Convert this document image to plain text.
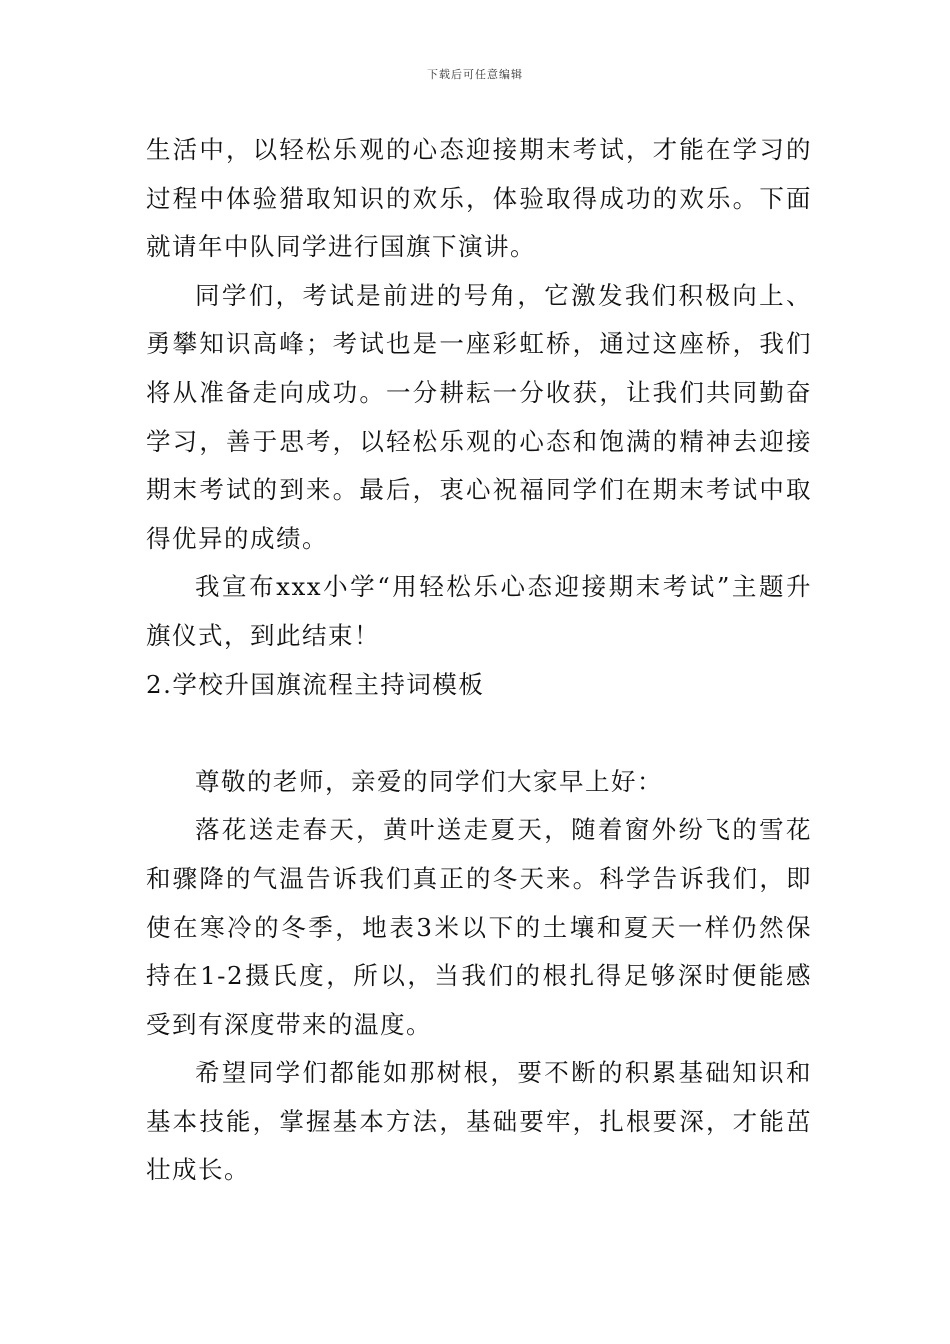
下载后可任意编辑

生活中，以轻松乐观的心态迎接期末考试，才能在学习的过程中体验猎取知识的欢乐，体验取得成功的欢乐。下面就请年中队同学进行国旗下演讲。

同学们，考试是前进的号角，它激发我们积极向上、勇攀知识高峰；考试也是一座彩虹桥，通过这座桥，我们将从准备走向成功。一分耕耘一分收获，让我们共同勤奋学习，善于思考，以轻松乐观的心态和饱满的精神去迎接期末考试的到来。最后，衷心祝福同学们在期末考试中取得优异的成绩。

我宣布xxx小学“用轻松乐心态迎接期末考试”主题升旗仪式，到此结束！

2.学校升国旗流程主持词模板

尊敬的老师，亲爱的同学们大家早上好：

落花送走春天，黄叶送走夏天，随着窗外纷飞的雪花和骤降的气温告诉我们真正的冬天来。科学告诉我们，即使在寒冷的冬季，地表3米以下的土壤和夏天一样仍然保持在1-2摄氏度，所以，当我们的根扎得足够深时便能感受到有深度带来的温度。

希望同学们都能如那树根，要不断的积累基础知识和基本技能，掌握基本方法，基础要牢，扎根要深，才能茁壮成长。
